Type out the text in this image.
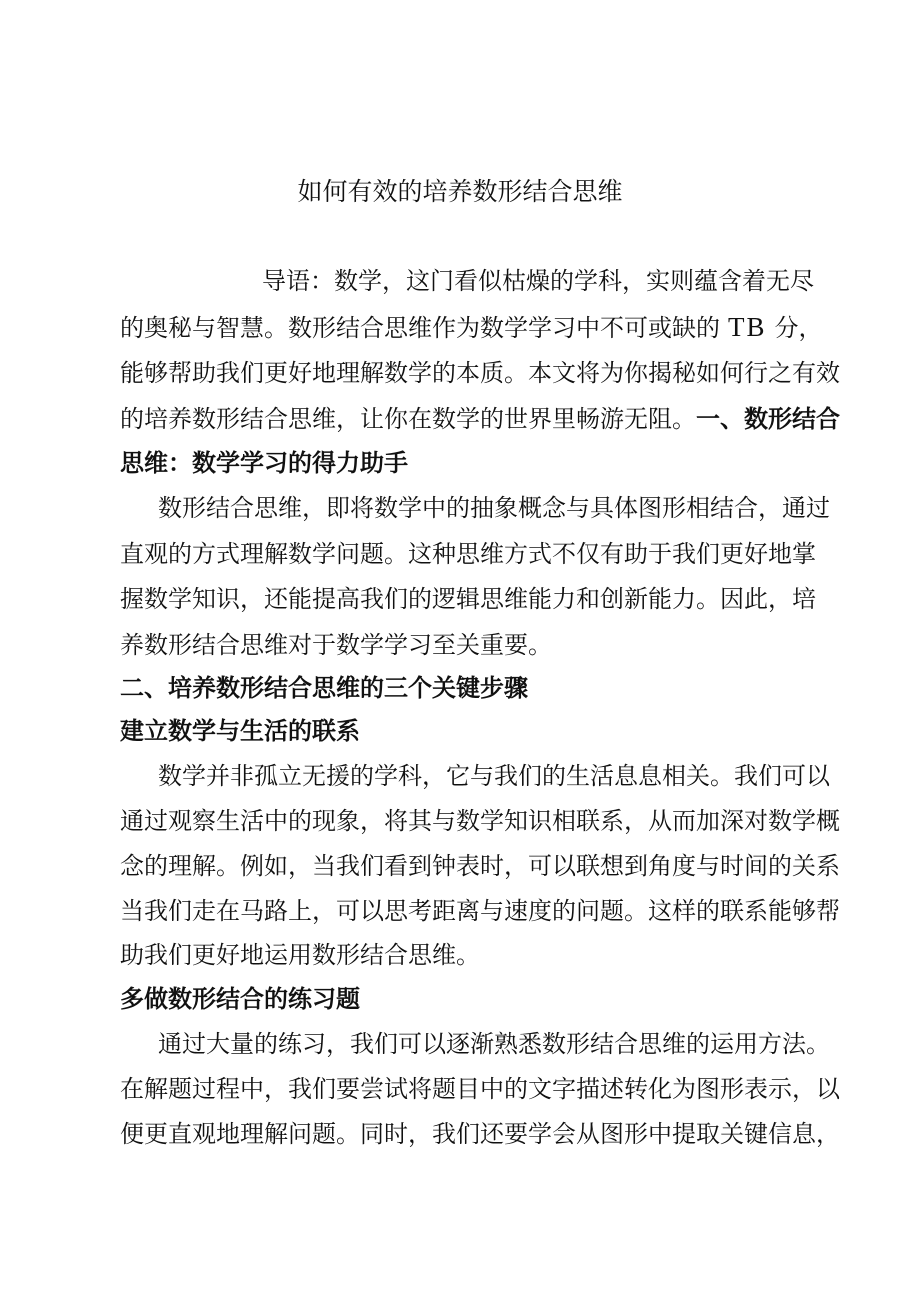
如何有效的培养数形结合思维
导语：数学，这门看似枯燥的学科，实则蕴含着无尽
的奥秘与智慧。数形结合思维作为数学学习中不可或缺的 TB 分，
能够帮助我们更好地理解数学的本质。本文将为你揭秘如何行之有效
的培养数形结合思维，让你在数学的世界里畅游无阻。一、数形结合
思维：数学学习的得力助手
数形结合思维，即将数学中的抽象概念与具体图形相结合，通过
直观的方式理解数学问题。这种思维方式不仅有助于我们更好地掌
握数学知识，还能提高我们的逻辑思维能力和创新能力。因此，培
养数形结合思维对于数学学习至关重要。
二、培养数形结合思维的三个关键步骤
建立数学与生活的联系
数学并非孤立无援的学科，它与我们的生活息息相关。我们可以
通过观察生活中的现象，将其与数学知识相联系，从而加深对数学概
念的理解。例如，当我们看到钟表时，可以联想到角度与时间的关系
当我们走在马路上，可以思考距离与速度的问题。这样的联系能够帮
助我们更好地运用数形结合思维。
多做数形结合的练习题
通过大量的练习，我们可以逐渐熟悉数形结合思维的运用方法。
在解题过程中，我们要尝试将题目中的文字描述转化为图形表示，以
便更直观地理解问题。同时，我们还要学会从图形中提取关键信息，
